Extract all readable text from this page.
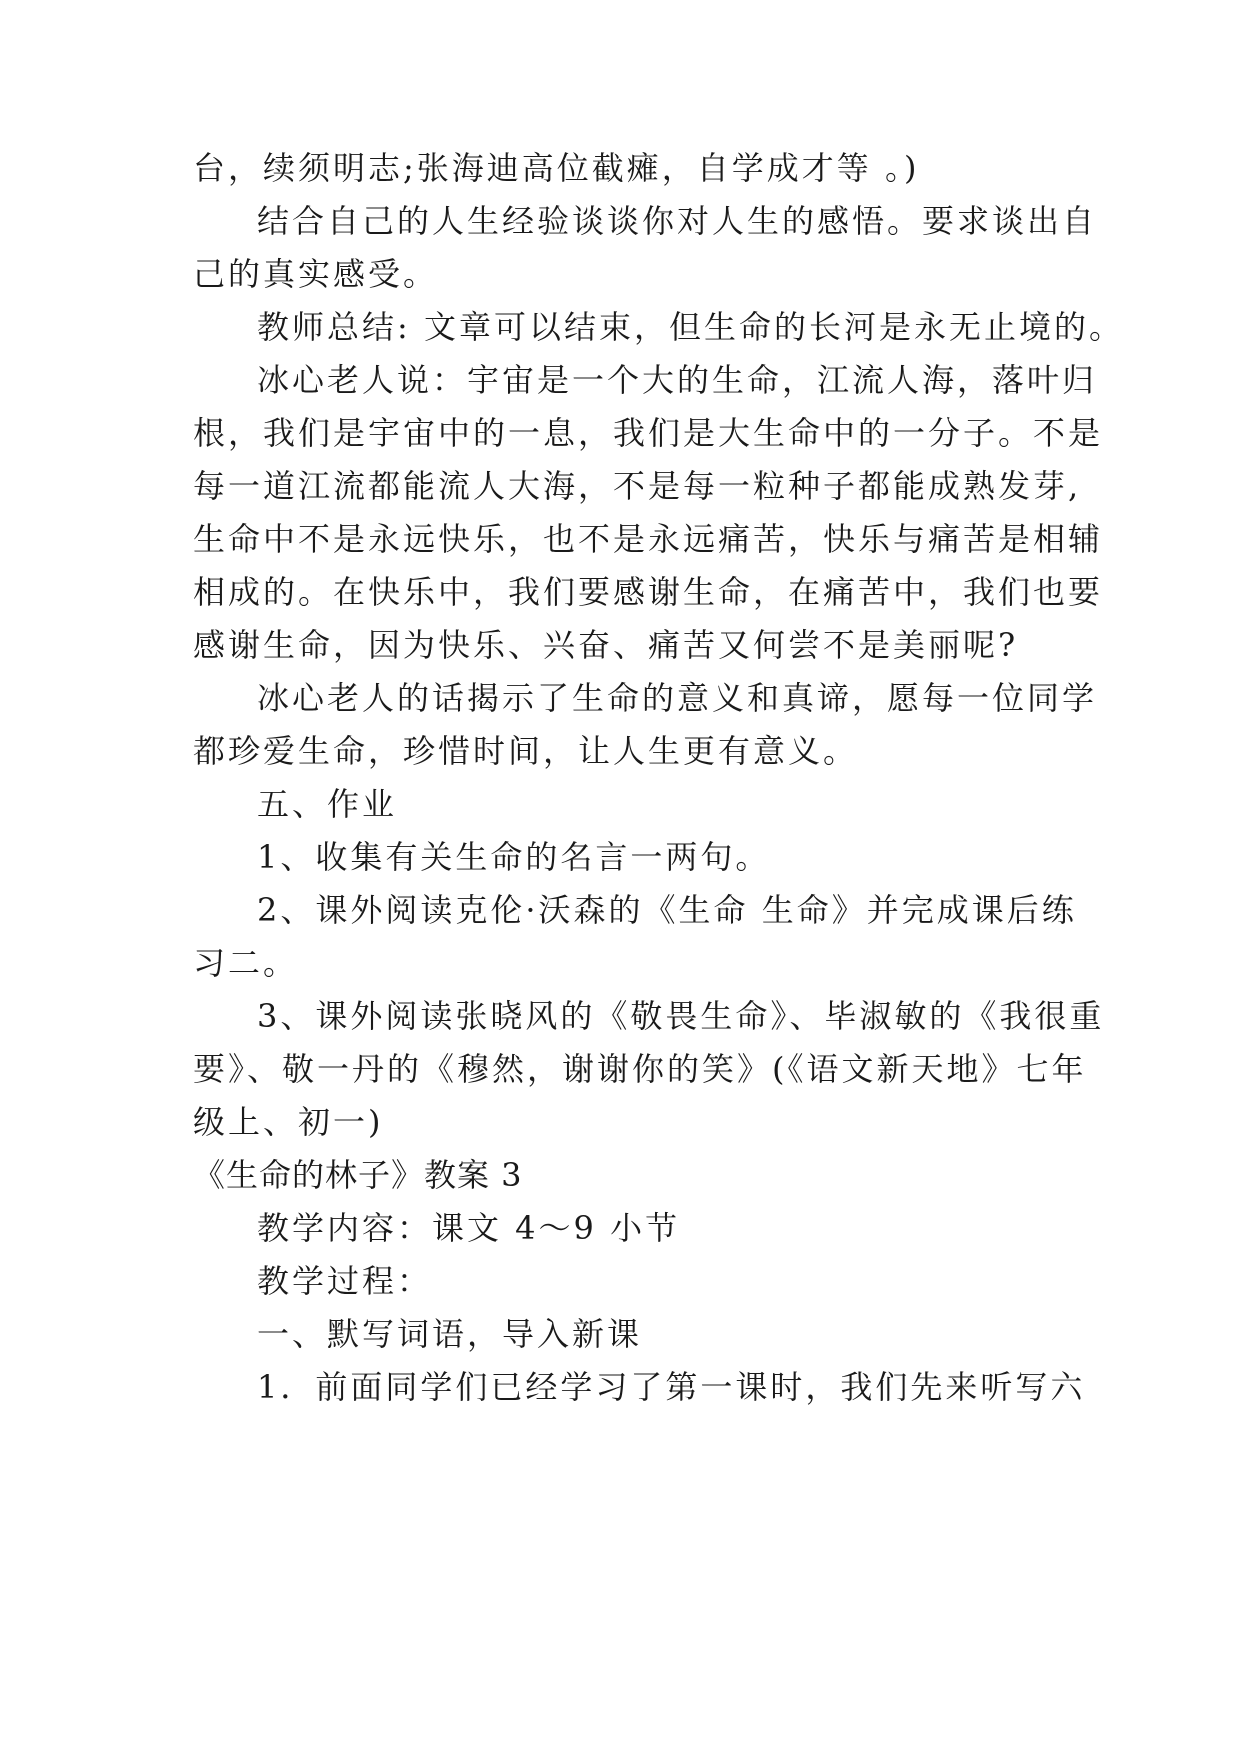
台，续须明志;张海迪高位截瘫，自学成才等 。)
结合自己的人生经验谈谈你对人生的感悟。要求谈出自
己的真实感受。
教师总结: 文章可以结束，但生命的长河是永无止境的。
冰心老人说：宇宙是一个大的生命，江流人海，落叶归
根，我们是宇宙中的一息，我们是大生命中的一分子。不是
每一道江流都能流人大海，不是每一粒种子都能成熟发芽,
生命中不是永远快乐，也不是永远痛苦，快乐与痛苦是相辅
相成的。在快乐中，我们要感谢生命，在痛苦中，我们也要
感谢生命，因为快乐、兴奋、痛苦又何尝不是美丽呢?
冰心老人的话揭示了生命的意义和真谛，愿每一位同学
都珍爱生命，珍惜时间，让人生更有意义。
五、作业
1、收集有关生命的名言一两句。
2、课外阅读克伦·沃森的《生命 生命》并完成课后练
习二。
3、课外阅读张晓风的《敬畏生命》、毕淑敏的《我很重
要》、敬一丹的《穆然，谢谢你的笑》(《语文新天地》七年
级上、初一)
《生命的林子》教案 3
教学内容：课文 4～9 小节
教学过程：
一、默写词语，导入新课
1．前面同学们已经学习了第一课时，我们先来听写六
